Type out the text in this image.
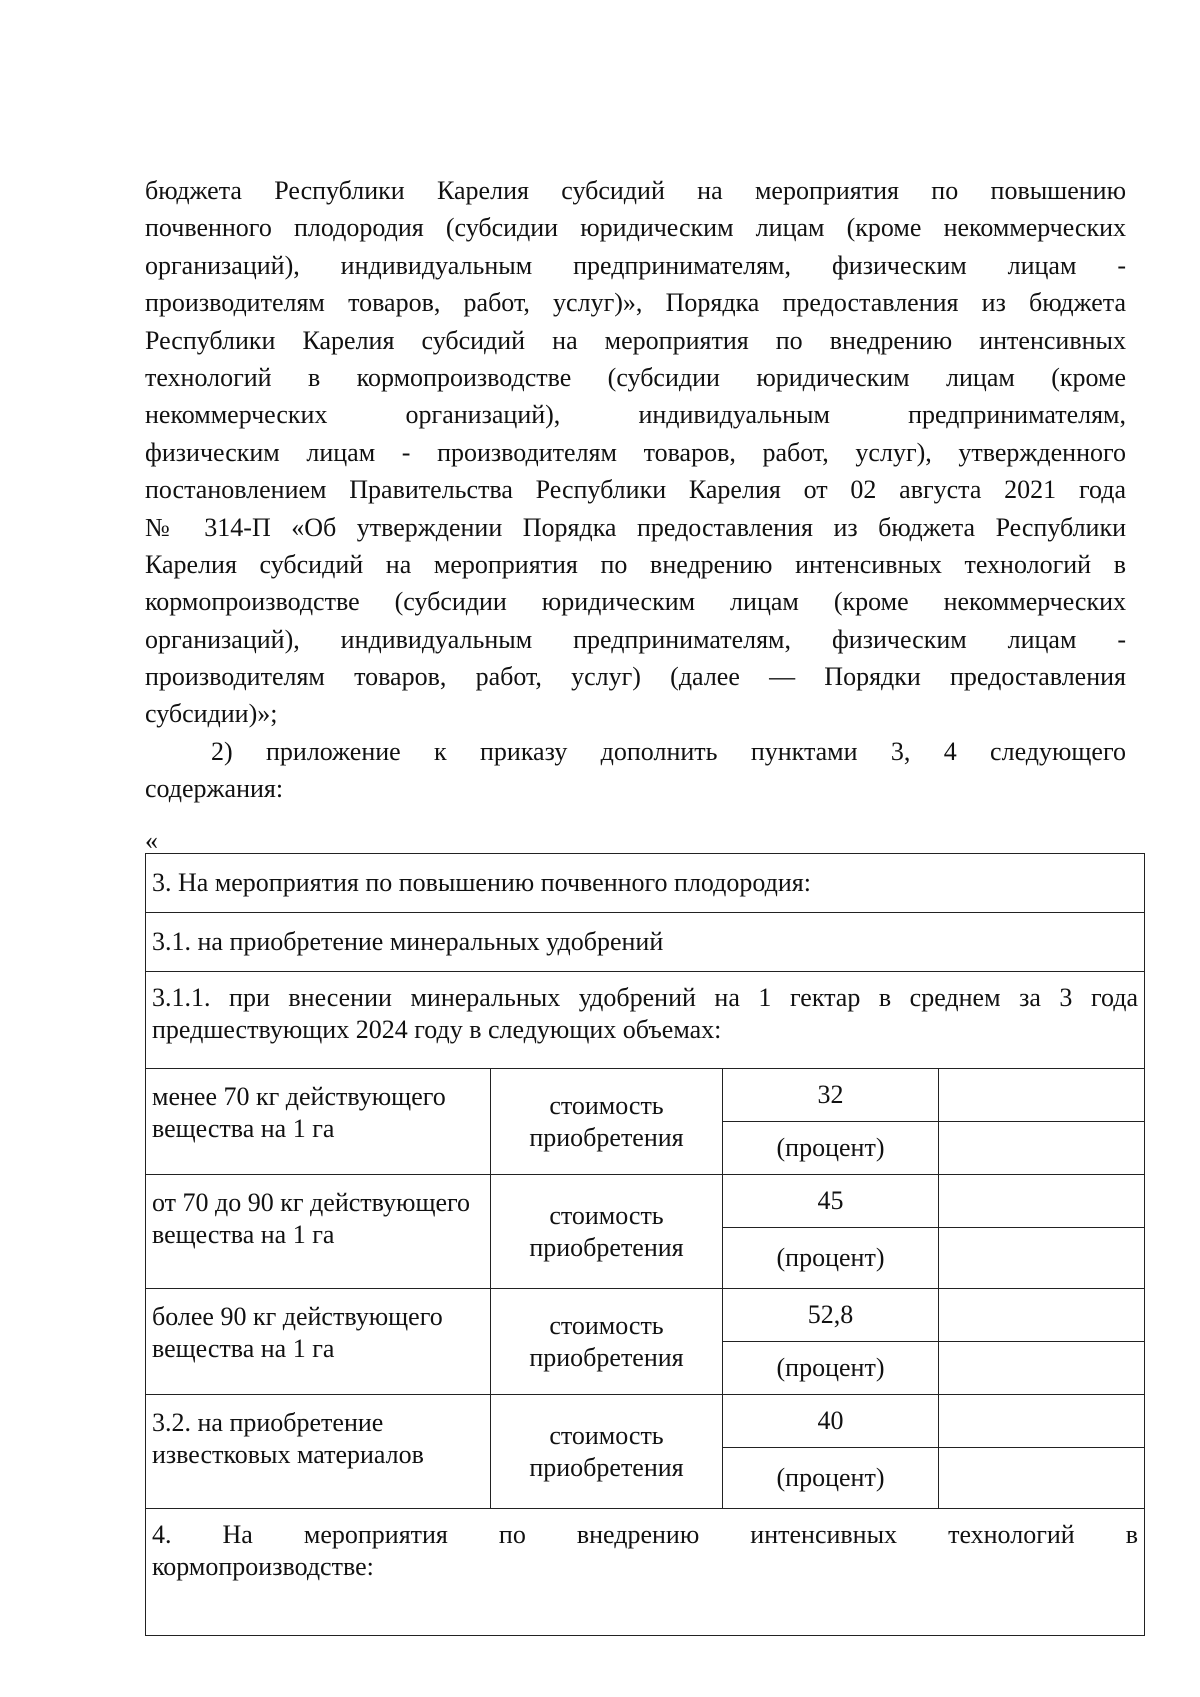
бюджета Республики Карелия субсидий на мероприятия по повышению
почвенного плодородия (субсидии юридическим лицам (кроме некоммерческих
организаций), индивидуальным предпринимателям, физическим лицам -
производителям товаров, работ, услуг)», Порядка предоставления из бюджета
Республики Карелия субсидий на мероприятия по внедрению интенсивных
технологий в кормопроизводстве (субсидии юридическим лицам (кроме
некоммерческих организаций), индивидуальным предпринимателям,
физическим лицам - производителям товаров, работ, услуг), утвержденного
постановлением Правительства Республики Карелия от 02 августа 2021 года
№ 314-П «Об утверждении Порядка предоставления из бюджета Республики
Карелия субсидий на мероприятия по внедрению интенсивных технологий в
кормопроизводстве (субсидии юридическим лицам (кроме некоммерческих
организаций), индивидуальным предпринимателям, физическим лицам -
производителям товаров, работ, услуг) (далее — Порядки предоставления
субсидии)»;
2) приложение к приказу дополнить пунктами 3, 4 следующего
содержания:
«
3. На мероприятия по повышению почвенного плодородия:			
3.1. на приобретение минеральных удобрений			

3.1.1. при внесении минеральных удобрений на 1 гектар в среднем за 3 года
предшествующих 2024 году в следующих объемах:			
менее 70 кг действующего вещества на 1 га	стоимость приобретения	32	
		(процент)	
от 70 до 90 кг действующего вещества на 1 га	стоимость приобретения	45	
		(процент)	
более 90 кг действующего вещества на 1 га	стоимость приобретения	52,8	
		(процент)	
3.2. на приобретение известковых материалов	стоимость приобретения	40	
		(процент)	

4. На мероприятия по внедрению интенсивных технологий в
кормопроизводстве:			
